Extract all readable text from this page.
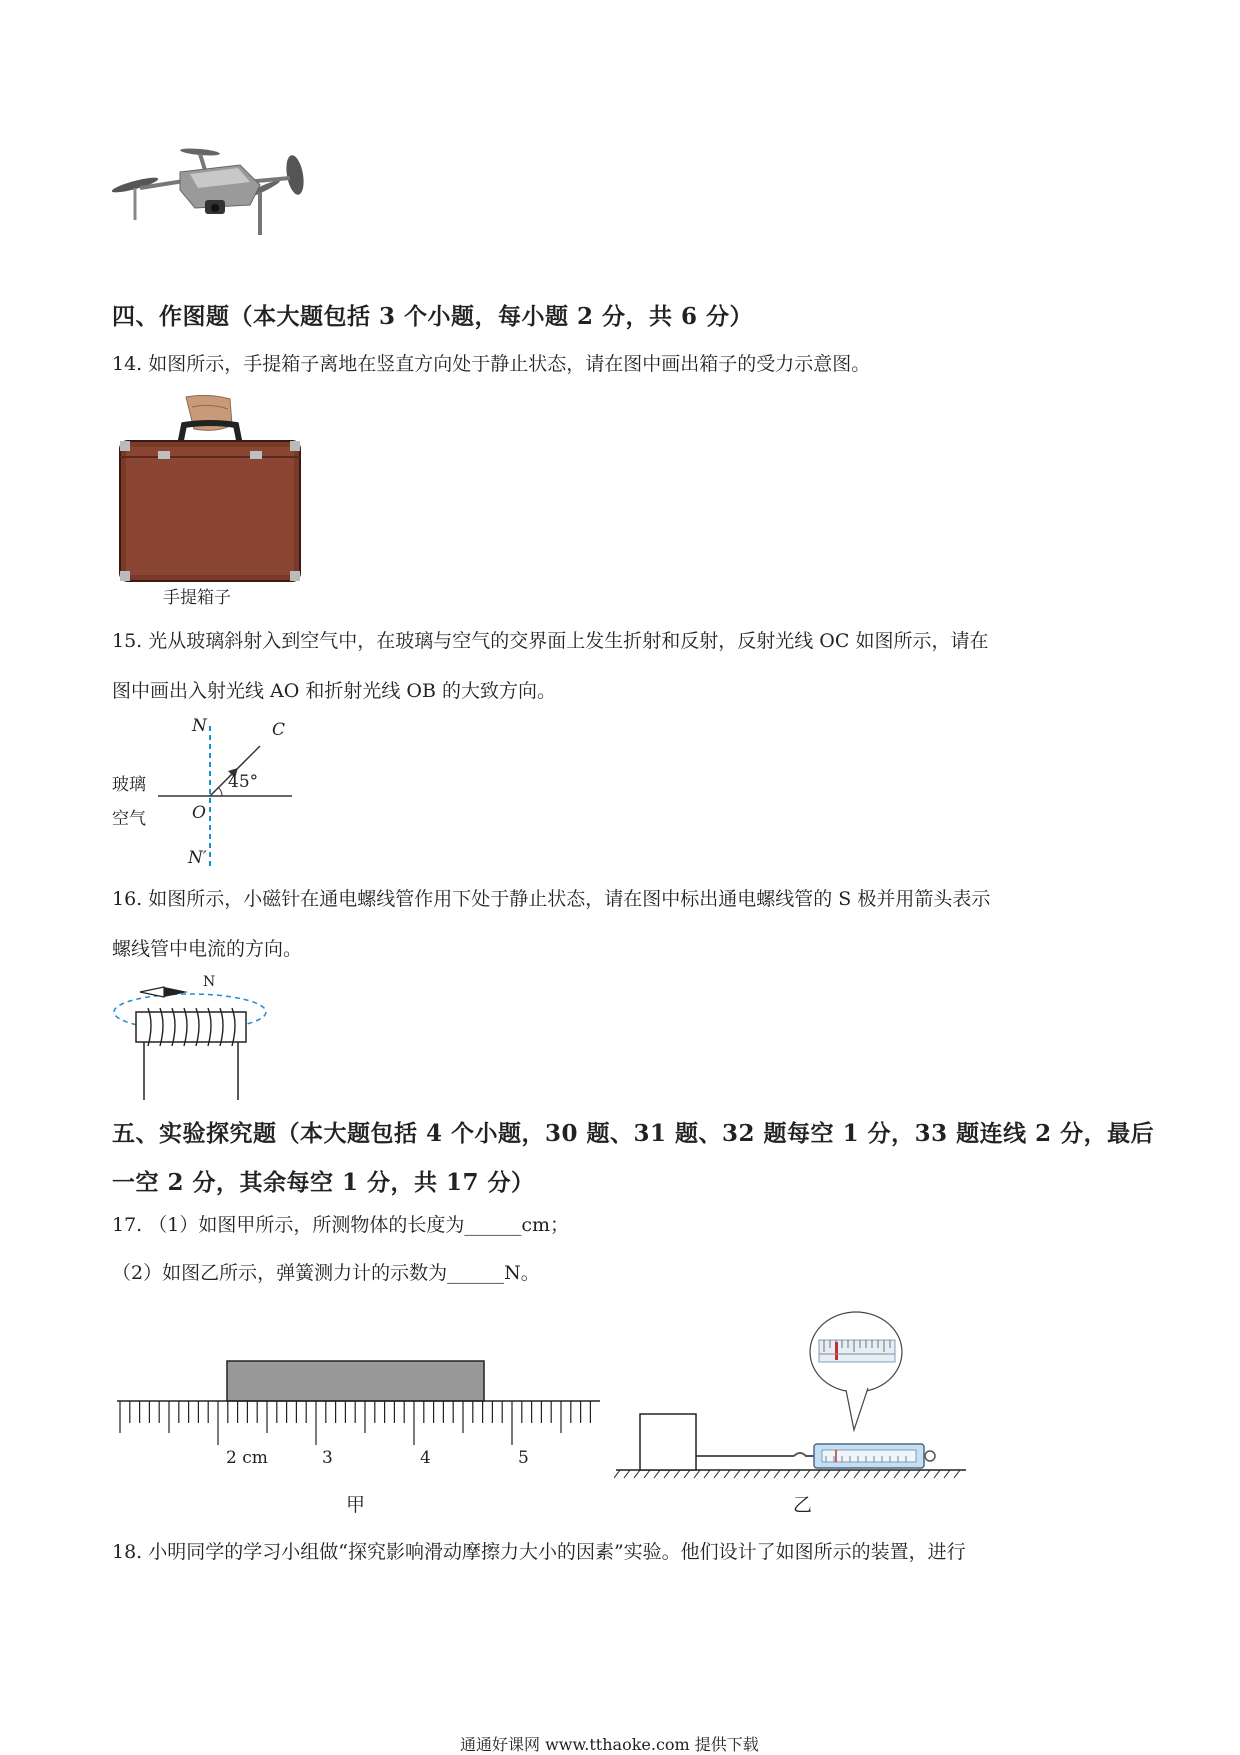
四、作图题（本大题包括 3 个小题，每小题 2 分，共 6 分）
14. 如图所示，手提箱子离地在竖直方向处于静止状态，请在图中画出箱子的受力示意图。
手提箱子
15. 光从玻璃斜射入到空气中，在玻璃与空气的交界面上发生折射和反射，反射光线 OC 如图所示，请在
图中画出入射光线 AO 和折射光线 OB 的大致方向。
N	C
45°
玻璃
空气	O
N′
16. 如图所示，小磁针在通电螺线管作用下处于静止状态，请在图中标出通电螺线管的 S 极并用箭头表示
螺线管中电流的方向。
N
五、实验探究题（本大题包括 4 个小题，30 题、31 题、32 题每空 1 分，33 题连线 2 分，最后
一空 2 分，其余每空 1 分，共 17 分）
17. （1）如图甲所示，所测物体的长度为______cm；
（2）如图乙所示，弹簧测力计的示数为______N。
2 cm	3	4	5
甲	乙
18. 小明同学的学习小组做“探究影响滑动摩擦力大小的因素”实验。他们设计了如图所示的装置，进行
通通好课网 www.tthaoke.com 提供下载
